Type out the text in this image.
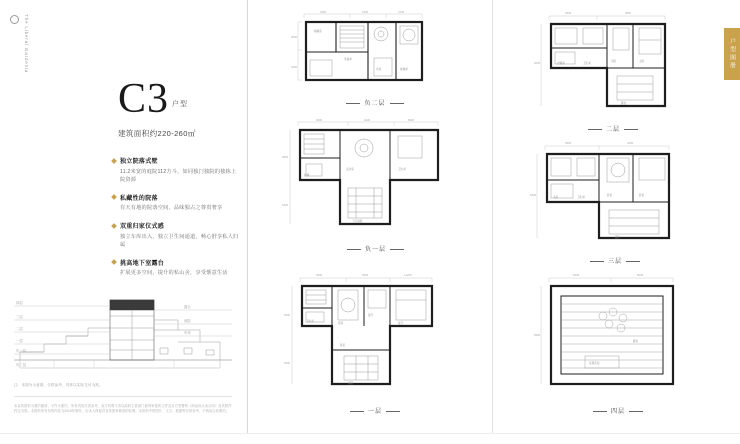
The Liberal Gardenia
C3 $^{户型}$
建筑面积约220-260㎡
独立院落式墅
11.2米宽的庭院112方斗，如同独门独院的独栋上院资源
私藏性的院落
有天有地的院落空间，品味独占之尊贵奢享
双重归家仪式感
独立车库出入，独立卫生间通道，畅心舒享私人归属
挑高地下室露台
扩展更多空间，提升的私山舍，享受惬意生活
四层
三层
二层
一层
负一层
负二层
露台
庭院
车库
注：本图为示意图，仅供参考，具体以实际交付为准。
本宣传资料为要约邀请，不作为要约，所有内容仅供参考，双方权利义务以政府主管部门最终审批的文件及双方签署的《商品房买卖合同》及其附件约定为准。本资料所发布的内容为2019年制作，出卖人保留对宣传资料修改的权利。本资料中的图片、文字、数据等仅供参考，不构成合同要约。
3300	5100	2700
3600
4200
储藏室
设备间
车库	楼梯间
负二层
3600	4200	6900
4800
5100
活动室	卫生间
下沉庭院
楼梯
负一层
3900	4500	11200
3300
6000
卫生间
厨房
餐厅
客厅
卧室
庭院
一层
户型图册
3300	4800
4200	衣帽间	卫生间
次卧	主卧
露台
二层
3600	4200
5400
书房	卫生间
卧室	卧室
露台
三层
5400	6000
6900
景观花池
露台
四层
